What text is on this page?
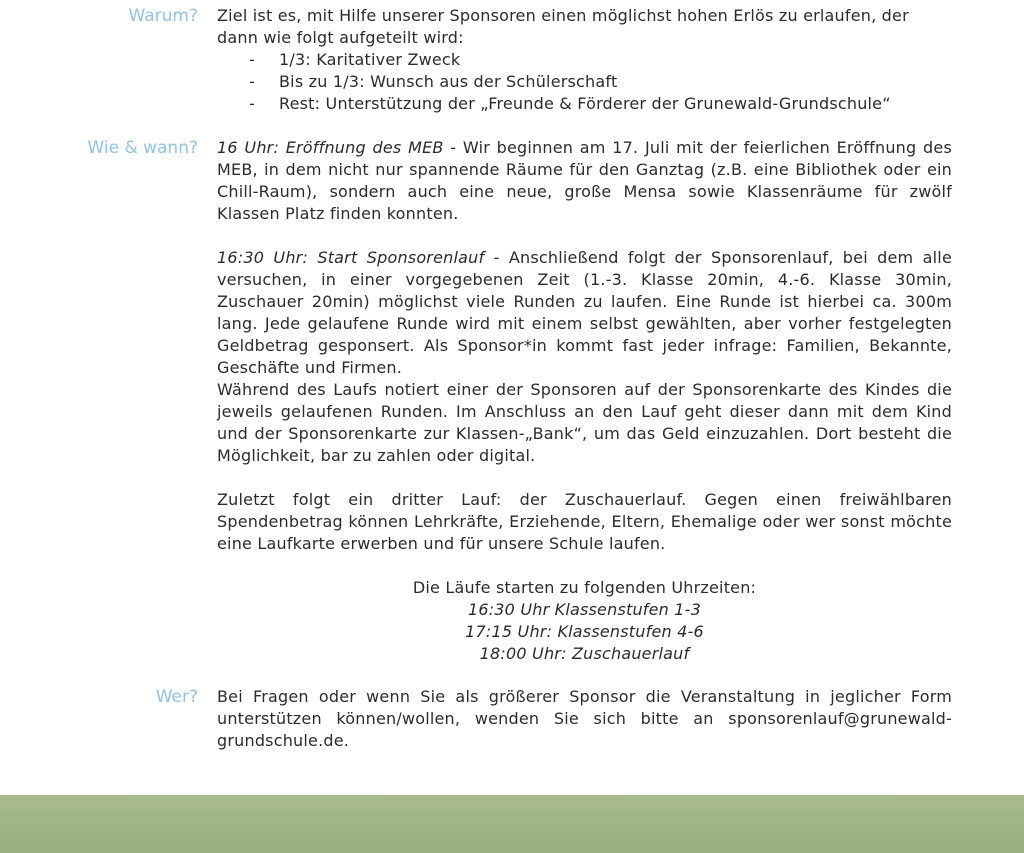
Warum? Ziel ist es, mit Hilfe unserer Sponsoren einen möglichst hohen Erlös zu erlaufen, der
dann wie folgt aufgeteilt wird:

- 1/3: Karitativer Zweck
- Bis zu 1/3: Wunsch aus der Schülerschaft
- Rest: Unterstützung der „Freunde & Förderer der Grunewald-Grundschule“
Wie & wann? 16 Uhr: Eröffnung des MEB - Wir beginnen am 17. Juli mit der feierlichen Eröffnung des MEB, in dem nicht nur spannende Räume für den Ganztag (z.B. eine Bibliothek oder ein Chill-Raum), sondern auch eine neue, große Mensa sowie Klassenräume für zwölf Klassen Platz finden konnten.

16:30 Uhr: Start Sponsorenlauf - Anschließend folgt der Sponsorenlauf, bei dem alle versuchen, in einer vorgegebenen Zeit (1.-3. Klasse 20min, 4.-6. Klasse 30min, Zuschauer 20min) möglichst viele Runden zu laufen. Eine Runde ist hierbei ca. 300m lang. Jede gelaufene Runde wird mit einem selbst gewählten, aber vorher festgelegten Geldbetrag gesponsert. Als Sponsor*in kommt fast jeder infrage: Familien, Bekannte, Geschäfte und Firmen.

Während des Laufs notiert einer der Sponsoren auf der Sponsorenkarte des Kindes die jeweils gelaufenen Runden. Im Anschluss an den Lauf geht dieser dann mit dem Kind und der Sponsorenkarte zur Klassen-„Bank“, um das Geld einzuzahlen. Dort besteht die Möglichkeit, bar zu zahlen oder digital.

Zuletzt folgt ein dritter Lauf: der Zuschauerlauf. Gegen einen freiwählbaren Spendenbetrag können Lehrkräfte, Erziehende, Eltern, Ehemalige oder wer sonst möchte eine Laufkarte erwerben und für unsere Schule laufen.

Die Läufe starten zu folgenden Uhrzeiten:
16:30 Uhr Klassenstufen 1-3
17:15 Uhr: Klassenstufen 4-6
18:00 Uhr: Zuschauerlauf
Wer? Bei Fragen oder wenn Sie als größerer Sponsor die Veranstaltung in jeglicher Form unterstützen können/wollen, wenden Sie sich bitte an sponsorenlauf@grunewald-grundschule.de.
